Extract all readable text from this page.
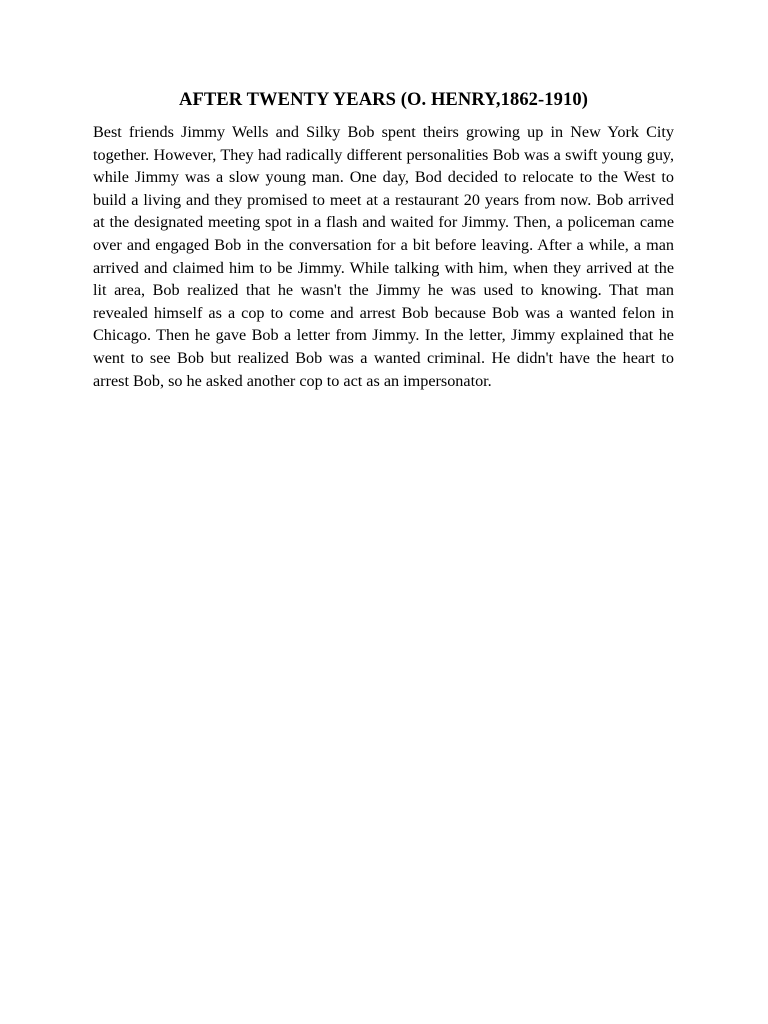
AFTER TWENTY YEARS (O. HENRY,1862-1910)

Best friends Jimmy Wells and Silky Bob spent theirs growing up in New York City together. However, They had radically different personalities Bob was a swift young guy, while Jimmy was a slow young man. One day, Bod decided to relocate to the West to build a living and they promised to meet at a restaurant 20 years from now. Bob arrived at the designated meeting spot in a flash and waited for Jimmy. Then, a policeman came over and engaged Bob in the conversation for a bit before leaving. After a while, a man arrived and claimed him to be Jimmy. While talking with him, when they arrived at the lit area, Bob realized that he wasn't the Jimmy he was used to knowing. That man revealed himself as a cop to come and arrest Bob because Bob was a wanted felon in Chicago. Then he gave Bob a letter from Jimmy. In the letter, Jimmy explained that he went to see Bob but realized Bob was a wanted criminal. He didn't have the heart to arrest Bob, so he asked another cop to act as an impersonator.
